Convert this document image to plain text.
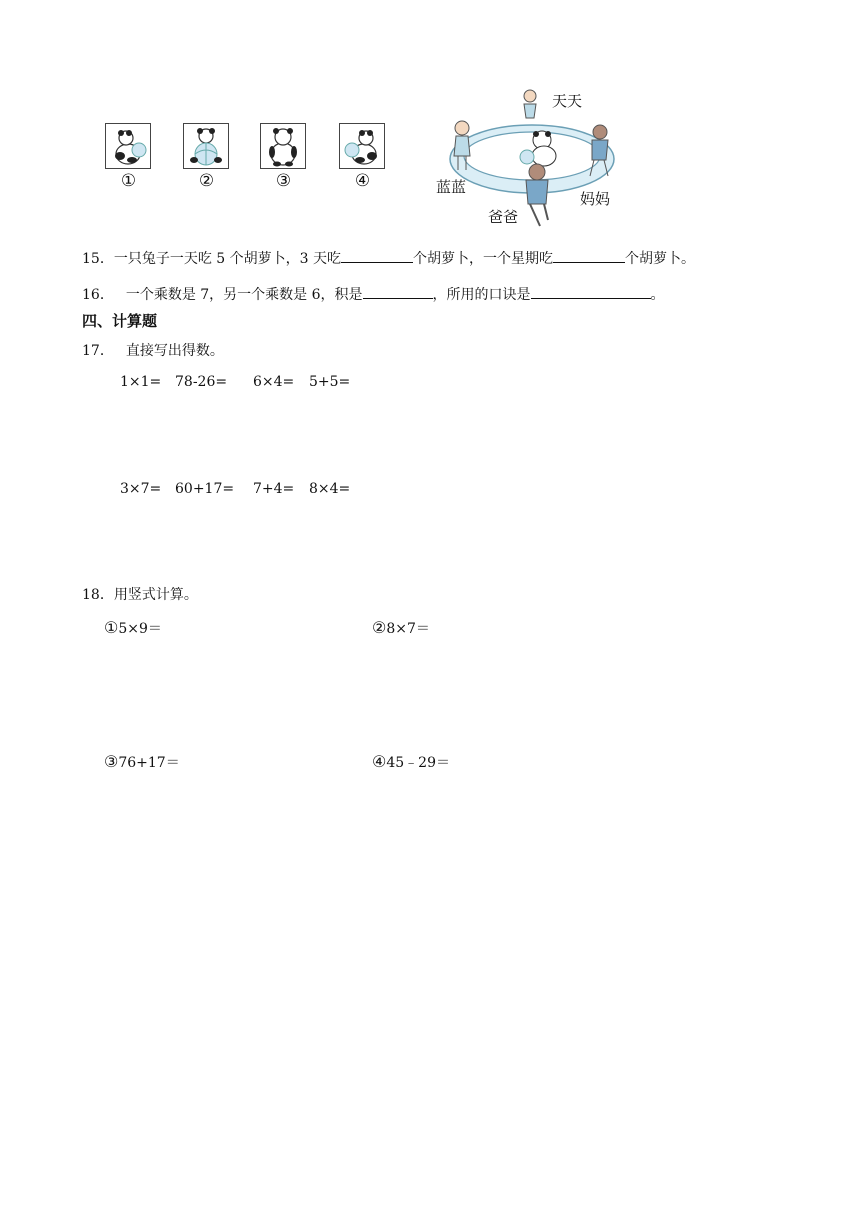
①	②	③	④
天天
蓝蓝
爸爸
妈妈
15．一只兔子一天吃 5 个胡萝卜，3 天吃	个胡萝卜，一个星期吃	个胡萝卜。
16． 一个乘数是 7，另一个乘数是 6，积是	，所用的口诀是	。
四、计算题
17． 直接写出得数。
1×1= 78-26= 6×4= 5+5=
3×7= 60+17= 7+4= 8×4=
18．用竖式计算。
①5×9＝	②8×7＝
③76+17＝	④45﹣29＝
